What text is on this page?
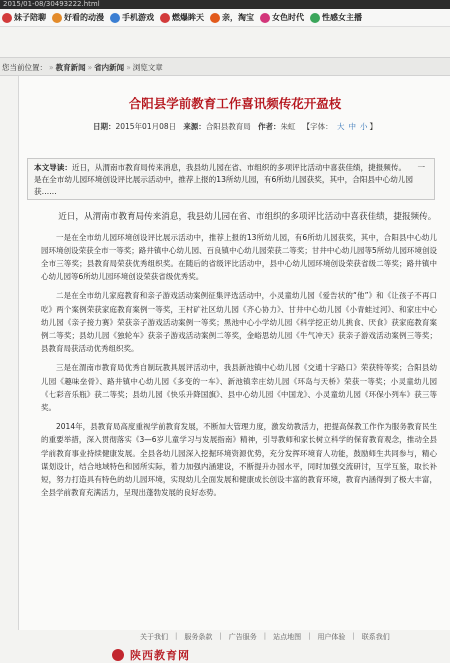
2015/01-08/30493222.html
妹子陪聊 好看的动漫 手机游戏 燃爆眸天 亲，淘宝 女色时代 性感女主播
您当前位置： » 教育新闻 » 省内新闻 » 浏览文章
合阳县学前教育工作喜讯频传花开盈枝
日期：2015年01月08日 来源：合阳县教育局 作者：朱虹 【字体： 大 中 小 】
本文导读：近日，从渭南市教育局传来消息，我县幼儿园在省、市组织的多项评比活动中喜获佳绩，捷报频传。　　一是在全市幼儿园环境创设评比展示活动中，推荐上报的13所幼儿园，有6所幼儿园获奖，其中，合阳县中心幼儿园获……

近日，从渭南市教育局传来消息，我县幼儿园在省、市组织的多项评比活动中喜获佳绩，捷报频传。

一是在全市幼儿园环境创设评比展示活动中，推荐上报的13所幼儿园，有6所幼儿园获奖，其中，合阳县中心幼儿园环境创设荣获全市一等奖；路井镇中心幼儿园、百良镇中心幼儿园荣获二等奖；甘井中心幼儿园等5所幼儿园环境创设全市三等奖；县教育局荣获优秀组织奖。在随后的省级评比活动中，县中心幼儿园环境创设荣获省级二等奖；路井镇中心幼儿园等6所幼儿园环境创设荣获省级优秀奖。

二是在全市幼儿家庭教育和亲子游戏活动案例征集评选活动中，小灵童幼儿园《爱告状的“他”》和《让孩子不再口吃》两个案例荣获家庭教育案例一等奖，王村矿社区幼儿园《齐心协力》、甘井中心幼儿园《小青蛙过河》、和家庄中心幼儿园《亲子接力赛》荣获亲子游戏活动案例一等奖；黑池中心小学幼儿园《科学挖正幼儿挑食、厌食》获家庭教育案例二等奖；县幼儿园《独轮车》获亲子游戏活动案例二等奖，金峪思幼儿园《牛气冲天》获亲子游戏活动案例三等奖；县教育局获活动优秀组织奖。

三是在渭南市教育局优秀自制玩教具展评活动中，我县新池镇中心幼儿园《交通十字路口》荣获特等奖；合阳县幼儿园《趣味垒骨》、路井镇中心幼儿园《多变的一车》、新池镇幸庄幼儿园《环岛与天桥》荣获一等奖；小灵童幼儿园《七彩音乐瓶》获二等奖；县幼儿园《快乐升降国旗》、县中心幼儿园《中国龙》、小灵童幼儿园《环保小列车》获三等奖。

2014年，县教育局高度重视学前教育发展，不断加大管理力度，激发幼教活力，把提高保教工作作为服务教育民生的重要举措，深入贯彻落实《3—6岁儿童学习与发展指南》精神，引导教师和家长树立科学的保育教育观念，推动全县学前教育事业持续健康发展。全县各幼儿园深入挖掘环境资源优势，充分发挥环境育人功能，鼓励师生共同参与，精心谋划设计，结合地域特色和园所实际，着力加强内涵建设，不断提升办园水平，同时加强交流研讨，互学互鉴，取长补短，努力打造具有特色的幼儿园环境，实现幼儿全面发展和健康成长创设丰富的教育环境，教育内涵得到了极大丰富，全县学前教育充满活力，呈现出蓬勃发展的良好态势。

关于我们 | 服务条款 | 广告服务 | 站点地图 | 用户体验 | 联系我们
陕西教育网
